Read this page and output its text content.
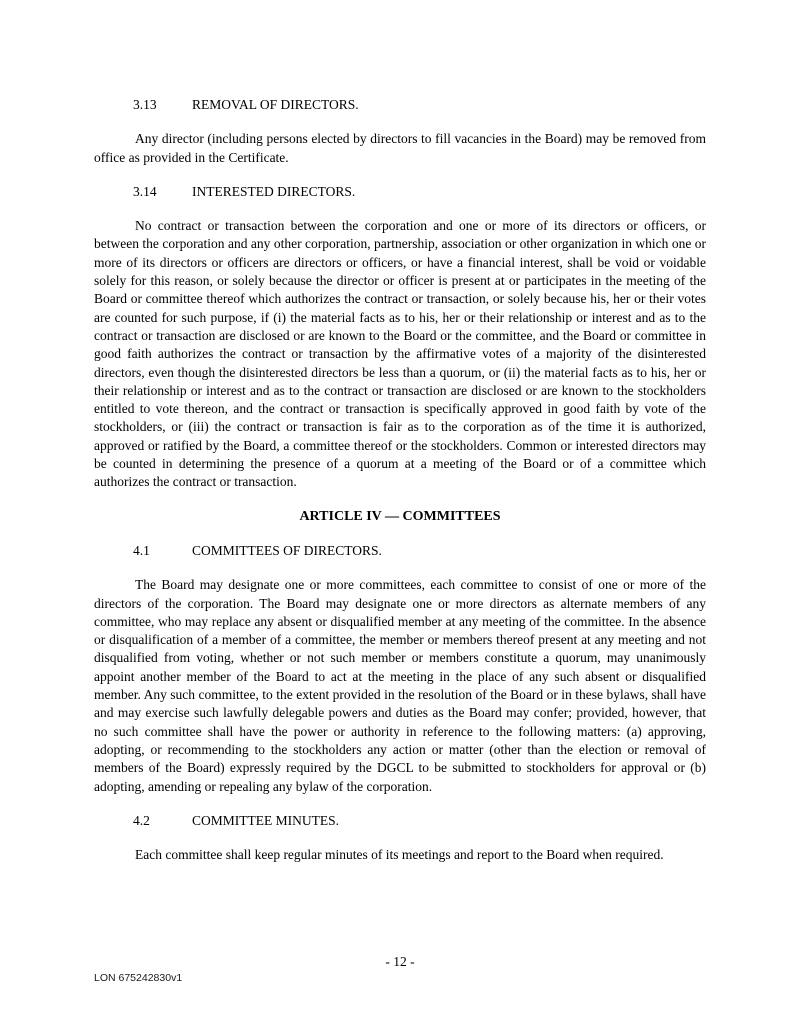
3.13	REMOVAL OF DIRECTORS.

Any director (including persons elected by directors to fill vacancies in the Board) may be removed from office as provided in the Certificate.

3.14	INTERESTED DIRECTORS.

No contract or transaction between the corporation and one or more of its directors or officers, or between the corporation and any other corporation, partnership, association or other organization in which one or more of its directors or officers are directors or officers, or have a financial interest, shall be void or voidable solely for this reason, or solely because the director or officer is present at or participates in the meeting of the Board or committee thereof which authorizes the contract or transaction, or solely because his, her or their votes are counted for such purpose, if (i) the material facts as to his, her or their relationship or interest and as to the contract or transaction are disclosed or are known to the Board or the committee, and the Board or committee in good faith authorizes the contract or transaction by the affirmative votes of a majority of the disinterested directors, even though the disinterested directors be less than a quorum, or (ii) the material facts as to his, her or their relationship or interest and as to the contract or transaction are disclosed or are known to the stockholders entitled to vote thereon, and the contract or transaction is specifically approved in good faith by vote of the stockholders, or (iii) the contract or transaction is fair as to the corporation as of the time it is authorized, approved or ratified by the Board, a committee thereof or the stockholders. Common or interested directors may be counted in determining the presence of a quorum at a meeting of the Board or of a committee which authorizes the contract or transaction.

ARTICLE IV — COMMITTEES
4.1	COMMITTEES OF DIRECTORS.

The Board may designate one or more committees, each committee to consist of one or more of the directors of the corporation. The Board may designate one or more directors as alternate members of any committee, who may replace any absent or disqualified member at any meeting of the committee. In the absence or disqualification of a member of a committee, the member or members thereof present at any meeting and not disqualified from voting, whether or not such member or members constitute a quorum, may unanimously appoint another member of the Board to act at the meeting in the place of any such absent or disqualified member. Any such committee, to the extent provided in the resolution of the Board or in these bylaws, shall have and may exercise such lawfully delegable powers and duties as the Board may confer; provided, however, that no such committee shall have the power or authority in reference to the following matters: (a) approving, adopting, or recommending to the stockholders any action or matter (other than the election or removal of members of the Board) expressly required by the DGCL to be submitted to stockholders for approval or (b) adopting, amending or repealing any bylaw of the corporation.

4.2	COMMITTEE MINUTES.

Each committee shall keep regular minutes of its meetings and report to the Board when required.

- 12 -
LON 675242830v1
